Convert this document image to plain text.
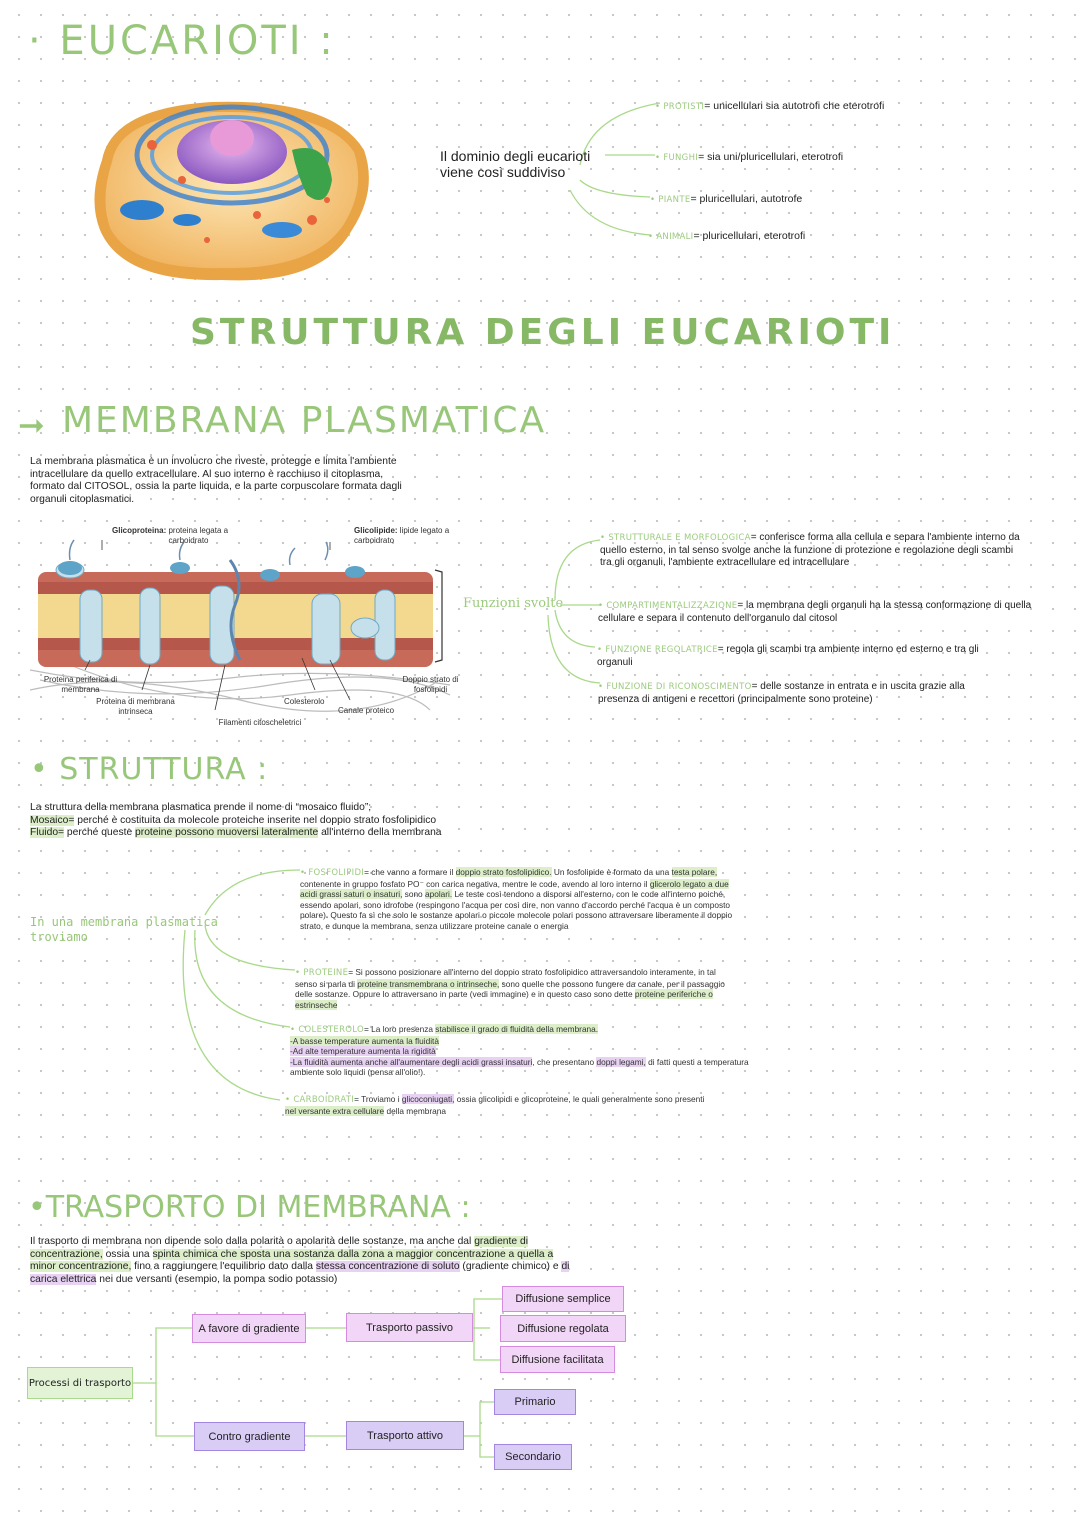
· EUCARIOTI :
Il dominio degli eucarioti viene così suddiviso
• PROTISTI= unicellulari sia autotrofi che eterotrofi
• FUNGHI= sia uni/pluricellulari, eterotrofi
• PIANTE= pluricellulari, autotrofe
• ANIMALI= pluricellulari, eterotrofi
STRUTTURA DEGLI EUCARIOTI
➞ MEMBRANA PLASMATICA
La membrana plasmatica è un involucro che riveste, protegge e limita l'ambiente intracellulare da quello extracellulare. Al suo interno è racchiuso il citoplasma, formato dal CITOSOL, ossia la parte liquida, e la parte corpuscolare formata dagli organuli citoplasmatici.
Glicoproteina: proteina legata a carboidrato
Glicolipide: lipide legato a carboidrato
Proteina periferica di membrana
Proteina di membrana intrinseca
Filamenti citoscheletrici
Colesterolo
Canale proteico
Doppio strato di fosfolipidi
Funzioni svolte
• STRUTTURALE E MORFOLOGICA= conferisce forma alla cellula e separa l'ambiente interno da quello esterno, in tal senso svolge anche la funzione di protezione e regolazione degli scambi tra gli organuli, l'ambiente extracellulare ed intracellulare
• COMPARTIMENTALIZZAZIONE= la membrana degli organuli ha la stessa conformazione di quella cellulare e separa il contenuto dell'organulo dal citosol
• FUNZIONE REGOLATRICE= regola gli scambi tra ambiente interno ed esterno e tra gli organuli
• FUNZIONE DI RICONOSCIMENTO= delle sostanze in entrata e in uscita grazie alla presenza di antigeni e recettori (principalmente sono proteine)
• STRUTTURA :
La struttura della membrana plasmatica prende il nome di “mosaico fluido”;
Mosaico= perché è costituita da molecole proteiche inserite nel doppio strato fosfolipidico
Fluido= perché queste proteine possono muoversi lateralmente all'interno della membrana
In una membrana plasmatica troviamo
• FOSFOLIPIDI= che vanno a formare il doppio strato fosfolipidico. Un fosfolipide è formato da una testa polare, contenente in gruppo fosfato PO⁻ con carica negativa, mentre le code, avendo al loro interno il glicerolo legato a due acidi grassi saturi o insaturi, sono apolari. Le teste così tendono a disporsi all'esterno, con le code all'interno poiché, essendo apolari, sono idrofobe (respingono l'acqua per così dire, non vanno d'accordo perché l'acqua è un composto polare). Questo fa sì che solo le sostanze apolari o piccole molecole polari possono attraversare liberamente il doppio strato, e dunque la membrana, senza utilizzare proteine canale o energia
• PROTEINE= Si possono posizionare all'interno del doppio strato fosfolipidico attraversandolo interamente, in tal senso si parla di proteine transmembrana o intrinseche, sono quelle che possono fungere da canale, per il passaggio delle sostanze. Oppure lo attraversano in parte (vedi immagine) e in questo caso sono dette proteine periferiche o estrinseche
• COLESTEROLO= La loro presenza stabilisce il grado di fluidità della membrana.
-A basse temperature aumenta la fluidità
-Ad alte temperature aumenta la rigidità
-La fluidità aumenta anche all'aumentare degli acidi grassi insaturi, che presentano doppi legami, di fatti questi a temperatura ambiente solo liquidi (pensa all'olio!).
• CARBOIDRATI= Troviamo i glicoconiugati, ossia glicolipidi e glicoproteine, le quali generalmente sono presenti nel versante extra cellulare della membrana
•TRASPORTO DI MEMBRANA :
Il trasporto di membrana non dipende solo dalla polarità o apolarità delle sostanze, ma anche dal gradiente di concentrazione, ossia una spinta chimica che sposta una sostanza dalla zona a maggior concentrazione a quella a minor concentrazione, fino a raggiungere l'equilibrio dato dalla stessa concentrazione di soluto (gradiente chimico) e di carica elettrica nei due versanti (esempio, la pompa sodio potassio)
Processi di trasporto
A favore di gradiente
Contro gradiente
Trasporto passivo
Trasporto attivo
Diffusione semplice
Diffusione regolata
Diffusione facilitata
Primario
Secondario
